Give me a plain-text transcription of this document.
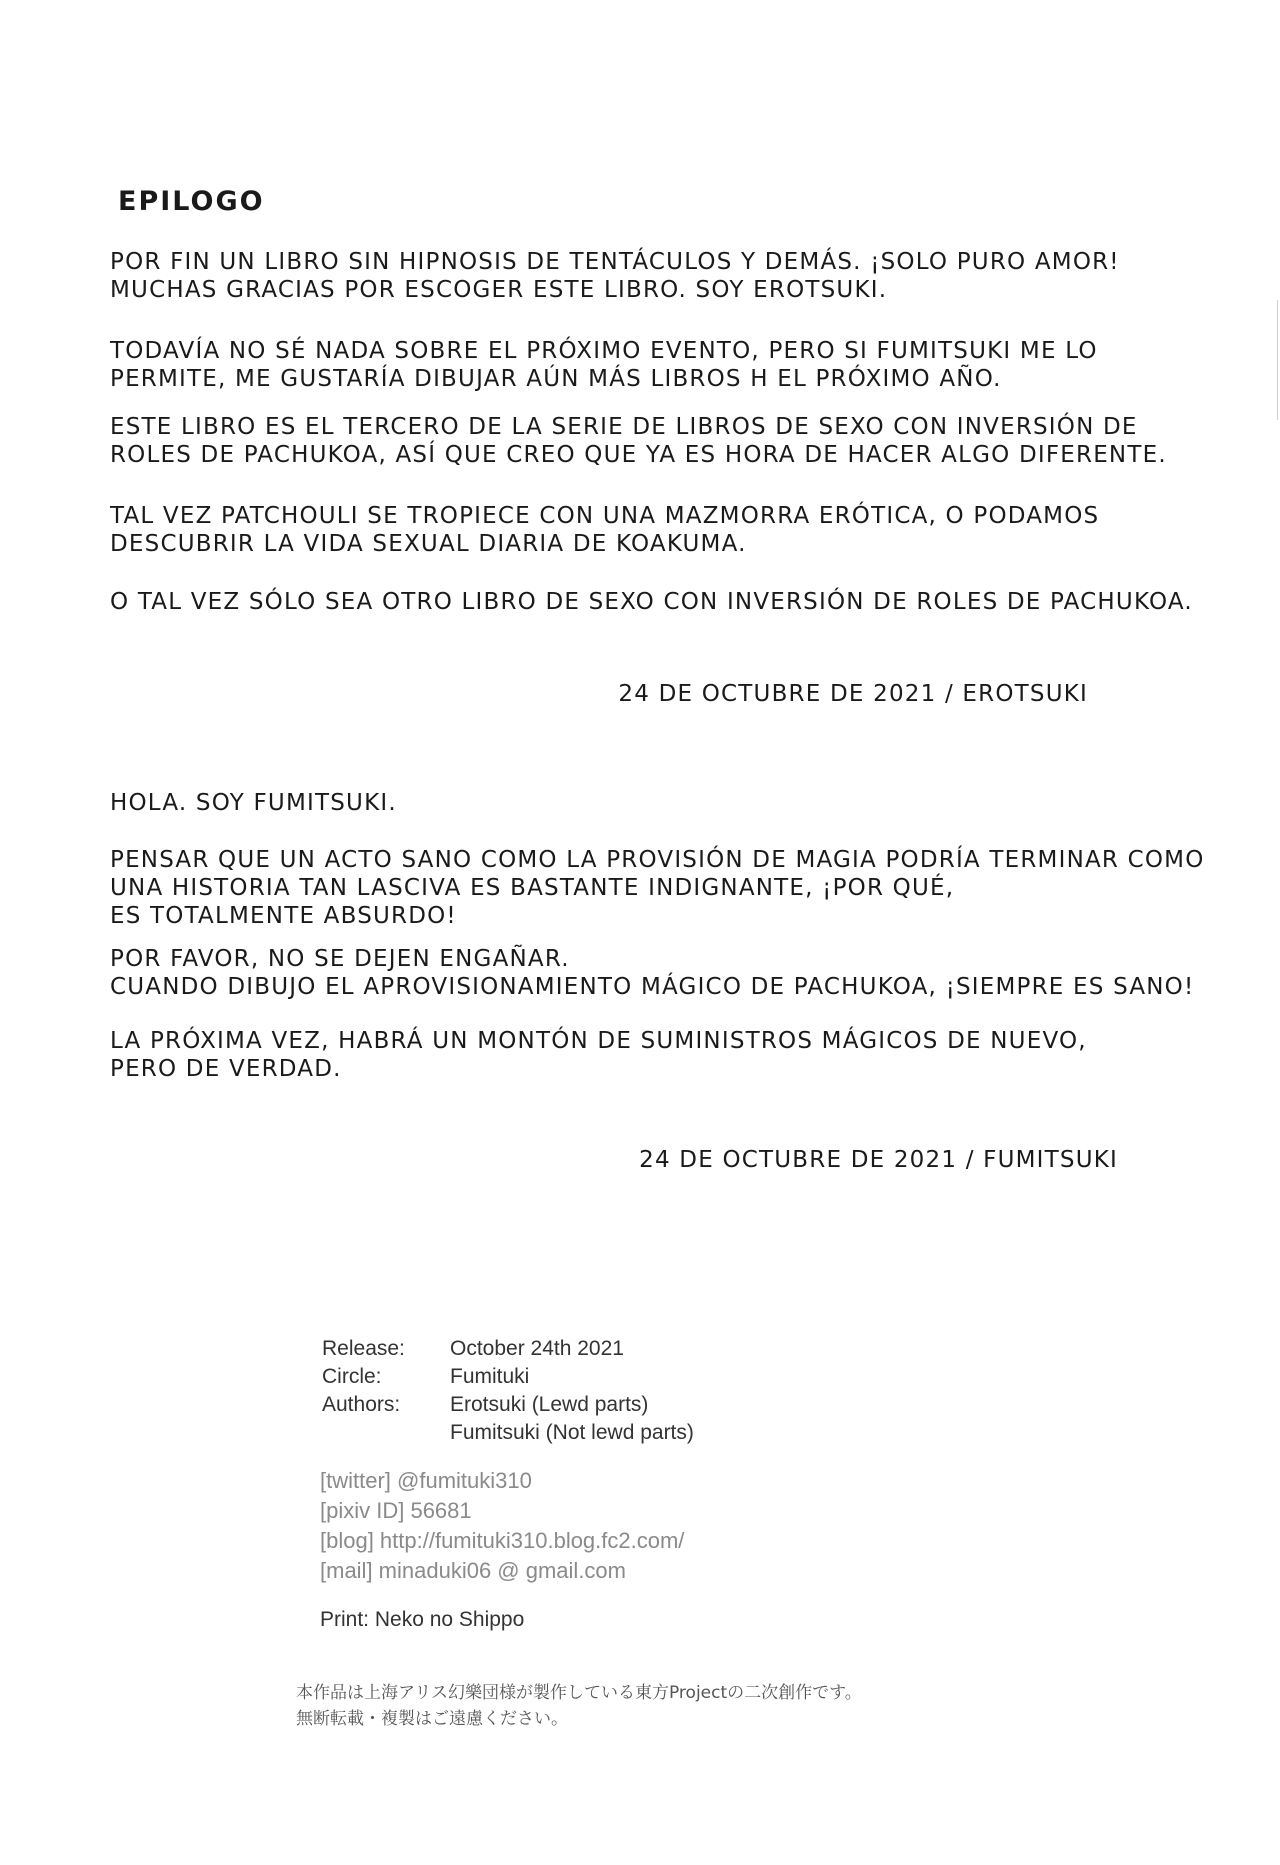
EPILOGO
POR FIN UN LIBRO SIN HIPNOSIS DE TENTÁCULOS Y DEMÁS. ¡SOLO PURO AMOR!
MUCHAS GRACIAS POR ESCOGER ESTE LIBRO. SOY EROTSUKI.
TODAVÍA NO SÉ NADA SOBRE EL PRÓXIMO EVENTO, PERO SI FUMITSUKI ME LO
PERMITE, ME GUSTARÍA DIBUJAR AÚN MÁS LIBROS H EL PRÓXIMO AÑO.
ESTE LIBRO ES EL TERCERO DE LA SERIE DE LIBROS DE SEXO CON INVERSIÓN DE
ROLES DE PACHUKOA, ASÍ QUE CREO QUE YA ES HORA DE HACER ALGO DIFERENTE.
TAL VEZ PATCHOULI SE TROPIECE CON UNA MAZMORRA ERÓTICA, O PODAMOS
DESCUBRIR LA VIDA SEXUAL DIARIA DE KOAKUMA.
O TAL VEZ SÓLO SEA OTRO LIBRO DE SEXO CON INVERSIÓN DE ROLES DE PACHUKOA.
24 DE OCTUBRE DE 2021 / EROTSUKI
HOLA. SOY FUMITSUKI.
PENSAR QUE UN ACTO SANO COMO LA PROVISIÓN DE MAGIA PODRÍA TERMINAR COMO
UNA HISTORIA TAN LASCIVA ES BASTANTE INDIGNANTE, ¡POR QUÉ,
ES TOTALMENTE ABSURDO!
POR FAVOR, NO SE DEJEN ENGAÑAR.
CUANDO DIBUJO EL APROVISIONAMIENTO MÁGICO DE PACHUKOA, ¡SIEMPRE ES SANO!
LA PRÓXIMA VEZ, HABRÁ UN MONTÓN DE SUMINISTROS MÁGICOS DE NUEVO,
PERO DE VERDAD.
24 DE OCTUBRE DE 2021 / FUMITSUKI
Release: October 24th 2021
Circle:	Fumituki
Authors: Erotsuki (Lewd parts)
Fumitsuki (Not lewd parts)
[twitter] @fumituki310
[pixiv ID] 56681
[blog] http://fumituki310.blog.fc2.com/
[mail] minaduki06 @ gmail.com
Print: Neko no Shippo
本作品は上海アリス幻樂団様が製作している東方Projectの二次創作です。
無断転載・複製はご遠慮ください。
